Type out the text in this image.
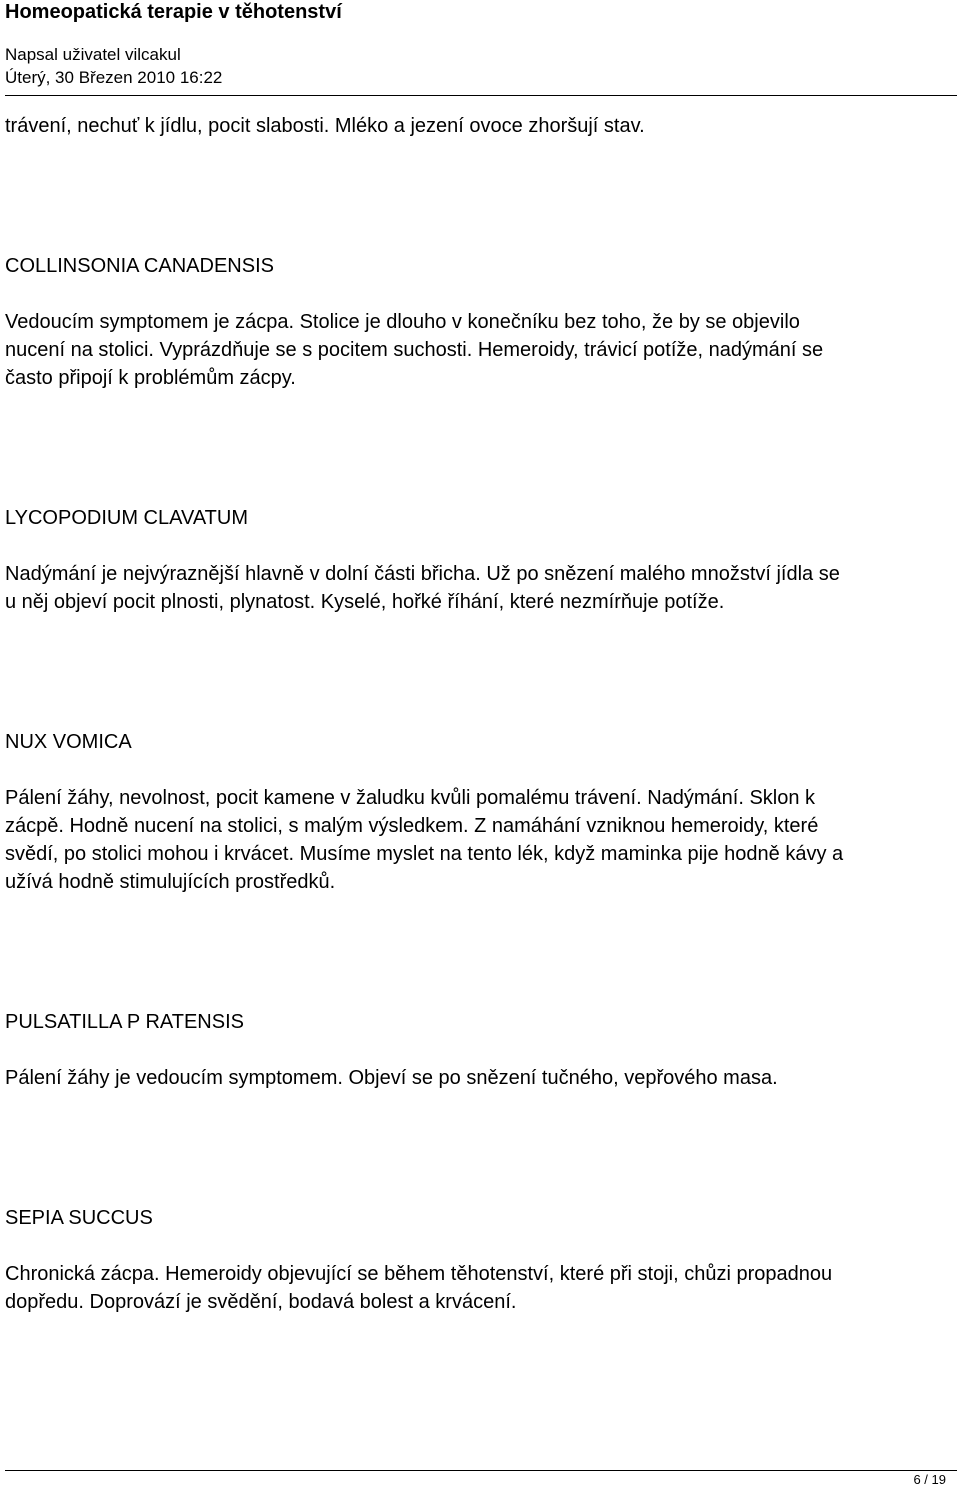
Homeopatická terapie v těhotenství

Napsal uživatel vilcakul

Úterý, 30 Březen 2010 16:22

trávení, nechuť k jídlu, pocit slabosti. Mléko a jezení ovoce zhoršují stav.

COLLINSONIA CANADENSIS
Vedoucím symptomem je zácpa. Stolice je dlouho v konečníku bez toho, že by se objevilo
nucení na stolici. Vyprázdňuje se s pocitem suchosti. Hemeroidy, trávicí potíže, nadýmání se
často připojí k problémům zácpy.
LYCOPODIUM CLAVATUM
Nadýmání je nejvýraznější hlavně v dolní části břicha. Už po snězení malého množství jídla se
u něj objeví pocit plnosti, plynatost. Kyselé, hořké říhání, které nezmírňuje potíže.
NUX VOMICA
Pálení žáhy, nevolnost, pocit kamene v žaludku kvůli pomalému trávení. Nadýmání. Sklon k
zácpě. Hodně nucení na stolici, s malým výsledkem. Z namáhání vzniknou hemeroidy, které
svědí, po stolici mohou i krvácet. Musíme myslet na tento lék, když maminka pije hodně kávy a
užívá hodně stimulujících prostředků.
PULSATILLA P RATENSIS
Pálení žáhy je vedoucím symptomem. Objeví se po snězení tučného, vepřového masa.
SEPIA SUCCUS
Chronická zácpa. Hemeroidy objevující se během těhotenství, které při stoji, chůzi propadnou
dopředu. Doprovází je svědění, bodavá bolest a krvácení.
6 / 19
